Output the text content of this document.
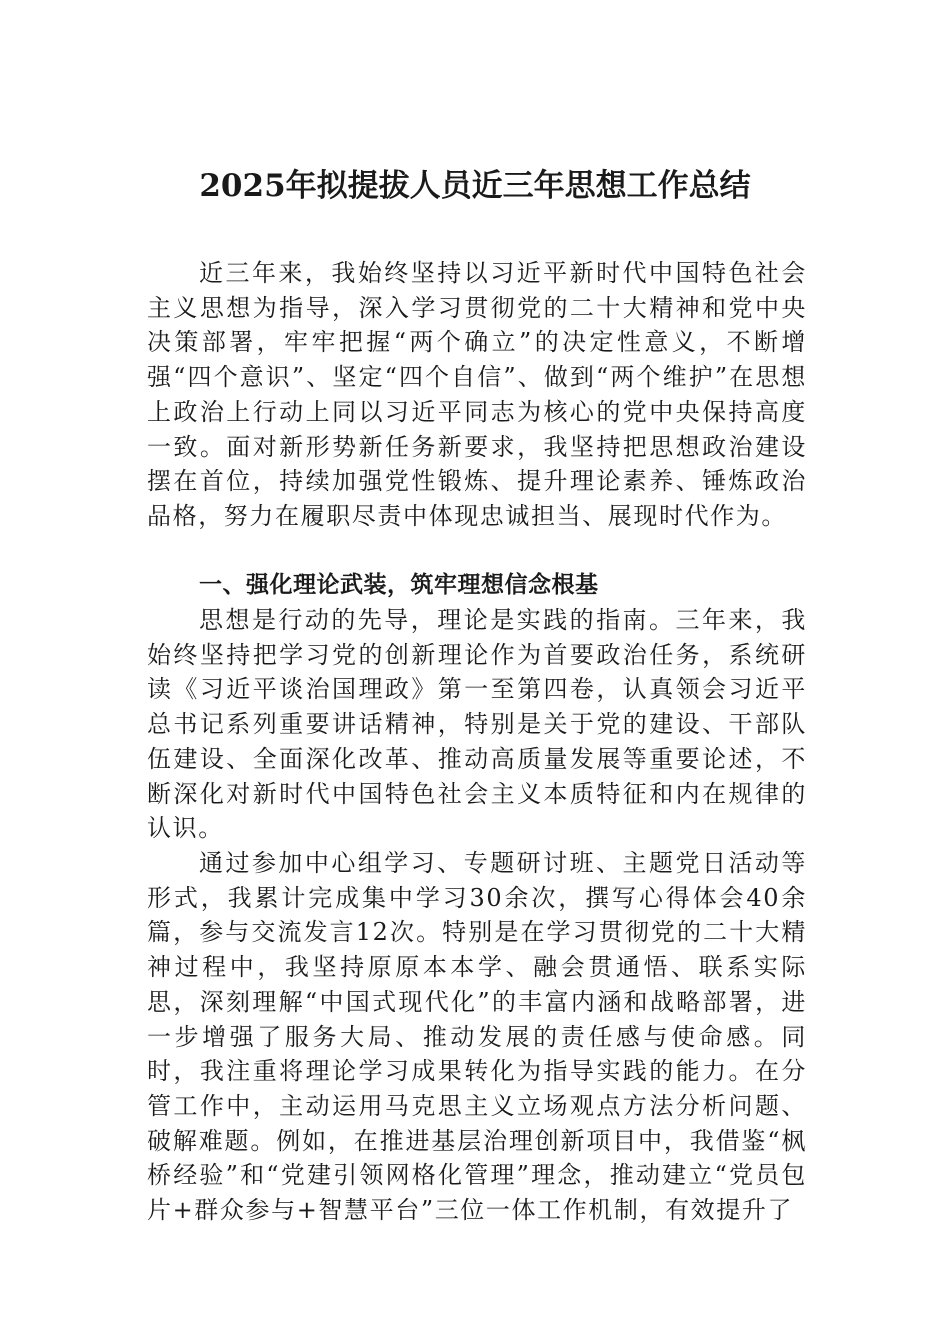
2025年拟提拔人员近三年思想工作总结

近三年来，我始终坚持以习近平新时代中国特色社会主义思想为指导，深入学习贯彻党的二十大精神和党中央决策部署，牢牢把握“两个确立”的决定性意义，不断增强“四个意识”、坚定“四个自信”、做到“两个维护”在思想上政治上行动上同以习近平同志为核心的党中央保持高度一致。面对新形势新任务新要求，我坚持把思想政治建设摆在首位，持续加强党性锻炼、提升理论素养、锤炼政治品格，努力在履职尽责中体现忠诚担当、展现时代作为。

一、强化理论武装，筑牢理想信念根基

思想是行动的先导，理论是实践的指南。三年来，我始终坚持把学习党的创新理论作为首要政治任务，系统研读《习近平谈治国理政》第一至第四卷，认真领会习近平总书记系列重要讲话精神，特别是关于党的建设、干部队伍建设、全面深化改革、推动高质量发展等重要论述，不断深化对新时代中国特色社会主义本质特征和内在规律的认识。

通过参加中心组学习、专题研讨班、主题党日活动等形式，我累计完成集中学习30余次，撰写心得体会40余篇，参与交流发言12次。特别是在学习贯彻党的二十大精神过程中，我坚持原原本本学、融会贯通悟、联系实际思，深刻理解“中国式现代化”的丰富内涵和战略部署，进一步增强了服务大局、推动发展的责任感与使命感。同时，我注重将理论学习成果转化为指导实践的能力。在分管工作中，主动运用马克思主义立场观点方法分析问题、破解难题。例如，在推进基层治理创新项目中，我借鉴“枫桥经验”和“党建引领网格化管理”理念，推动建立“党员包片+群众参与+智慧平台”三位一体工作机制，有效提升了
